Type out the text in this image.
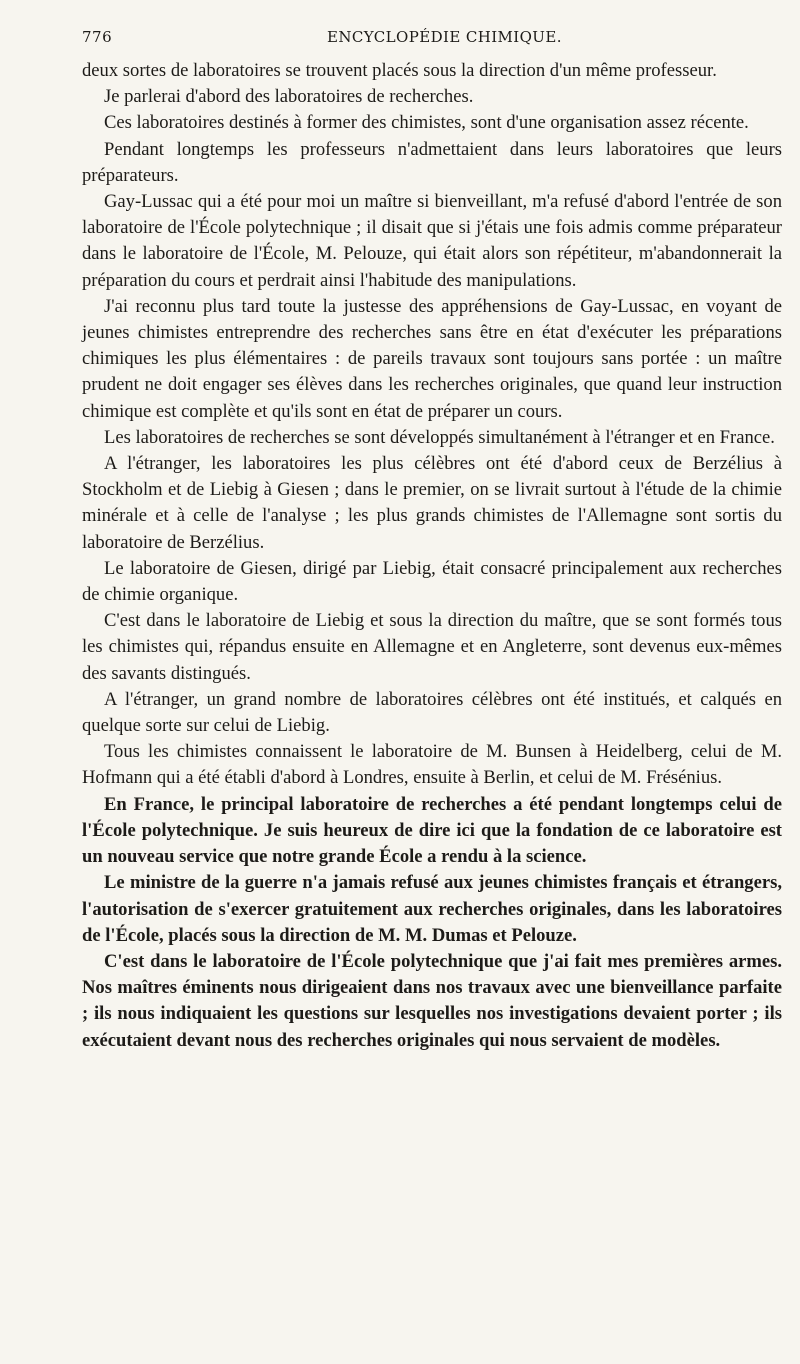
776	ENCYCLOPÉDIE CHIMIQUE.

deux sortes de laboratoires se trouvent placés sous la direction d'un même professeur.

Je parlerai d'abord des laboratoires de recherches.

Ces laboratoires destinés à former des chimistes, sont d'une organisation assez récente.

Pendant longtemps les professeurs n'admettaient dans leurs laboratoires que leurs préparateurs.

Gay-Lussac qui a été pour moi un maître si bienveillant, m'a refusé d'abord l'entrée de son laboratoire de l'École polytechnique ; il disait que si j'étais une fois admis comme préparateur dans le laboratoire de l'École, M. Pelouze, qui était alors son répétiteur, m'abandonnerait la préparation du cours et perdrait ainsi l'habitude des manipulations.

J'ai reconnu plus tard toute la justesse des appréhensions de Gay-Lussac, en voyant de jeunes chimistes entreprendre des recherches sans être en état d'exécuter les préparations chimiques les plus élémentaires : de pareils travaux sont toujours sans portée : un maître prudent ne doit engager ses élèves dans les recherches originales, que quand leur instruction chimique est complète et qu'ils sont en état de préparer un cours.

Les laboratoires de recherches se sont développés simultanément à l'étranger et en France.

A l'étranger, les laboratoires les plus célèbres ont été d'abord ceux de Berzélius à Stockholm et de Liebig à Giesen ; dans le premier, on se livrait surtout à l'étude de la chimie minérale et à celle de l'analyse ; les plus grands chimistes de l'Allemagne sont sortis du laboratoire de Berzélius.

Le laboratoire de Giesen, dirigé par Liebig, était consacré principalement aux recherches de chimie organique.

C'est dans le laboratoire de Liebig et sous la direction du maître, que se sont formés tous les chimistes qui, répandus ensuite en Allemagne et en Angleterre, sont devenus eux-mêmes des savants distingués.

A l'étranger, un grand nombre de laboratoires célèbres ont été institués, et calqués en quelque sorte sur celui de Liebig.

Tous les chimistes connaissent le laboratoire de M. Bunsen à Heidelberg, celui de M. Hofmann qui a été établi d'abord à Londres, ensuite à Berlin, et celui de M. Frésénius.

En France, le principal laboratoire de recherches a été pendant longtemps celui de l'École polytechnique. Je suis heureux de dire ici que la fondation de ce laboratoire est un nouveau service que notre grande École a rendu à la science.

Le ministre de la guerre n'a jamais refusé aux jeunes chimistes français et étrangers, l'autorisation de s'exercer gratuitement aux recherches originales, dans les laboratoires de l'École, placés sous la direction de M. M. Dumas et Pelouze.

C'est dans le laboratoire de l'École polytechnique que j'ai fait mes premières armes. Nos maîtres éminents nous dirigeaient dans nos travaux avec une bienveillance parfaite ; ils nous indiquaient les questions sur lesquelles nos investigations devaient porter ; ils exécutaient devant nous des recherches originales qui nous servaient de modèles.
